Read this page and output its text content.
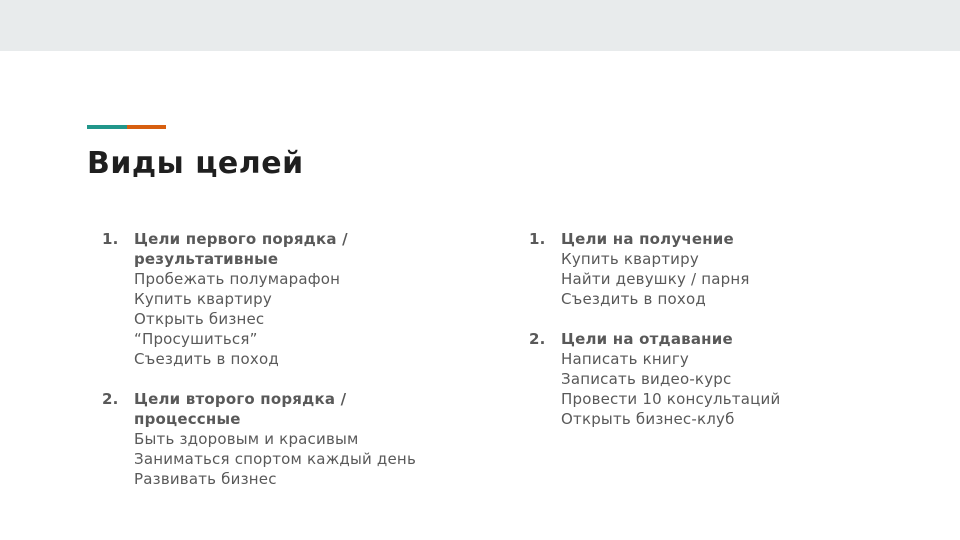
Виды целей
1. Цели первого порядка /
результативные
Пробежать полумарафон
Купить квартиру
Открыть бизнес
“Просушиться”
Съездить в поход
2. Цели второго порядка /
процессные
Быть здоровым и красивым
Заниматься спортом каждый день
Развивать бизнес
1. Цели на получение
Купить квартиру
Найти девушку / парня
Съездить в поход
2. Цели на отдавание
Написать книгу
Записать видео-курс
Провести 10 консультаций
Открыть бизнес-клуб
